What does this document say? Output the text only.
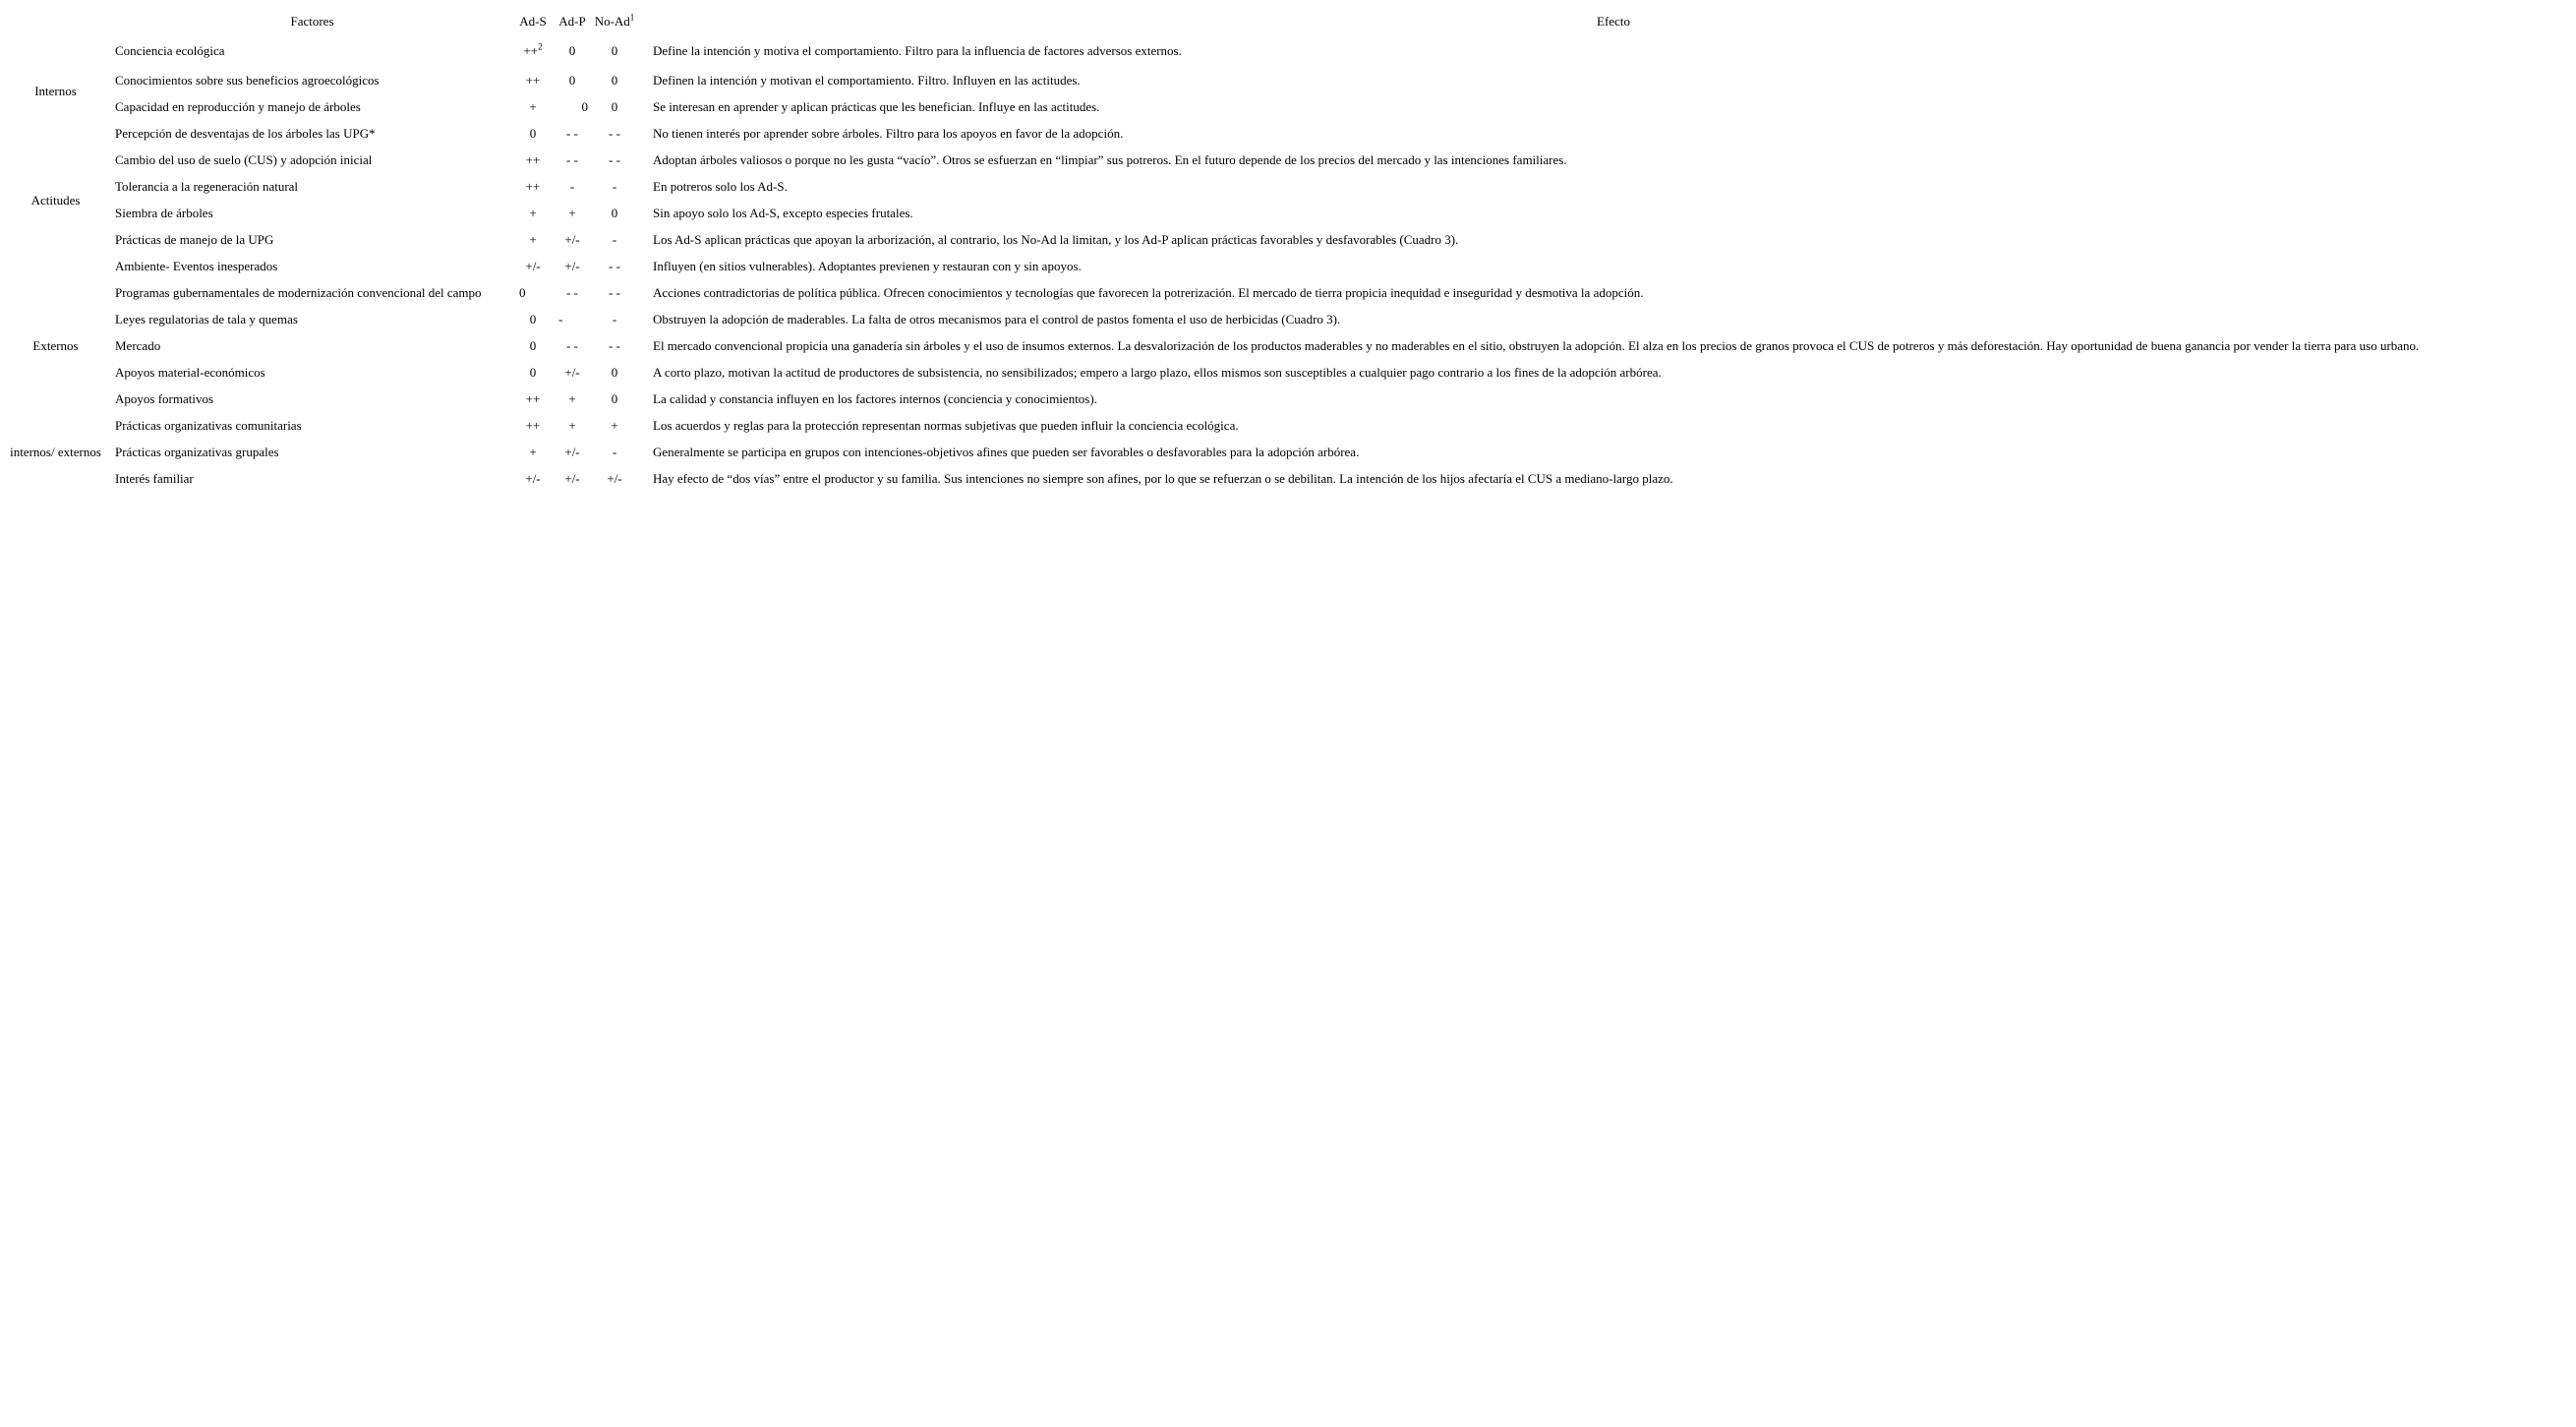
	Factores	Ad-S	Ad-P	No-Ad$^1$	Efecto
Internos	Conciencia ecológica	++$^2$	0	0	Define la intención y motiva el comportamiento. Filtro para la influencia de factores adversos externos.
	Conocimientos sobre sus beneficios agroecológicos	++	0	0	Definen la intención y motivan el comportamiento. Filtro. Influyen en las actitudes.
	Capacidad en reproducción y manejo de árboles	+	0	0	Se interesan en aprender y aplican prácticas que les benefician. Influye en las actitudes.
	Percepción de desventajas de los árboles las UPG*	0	- -	- -	No tienen interés por aprender sobre árboles. Filtro para los apoyos en favor de la adopción.
Actitudes	Cambio del uso de suelo (CUS) y adopción inicial	++	- -	- -	Adoptan árboles valiosos o porque no les gusta “vacío”. Otros se esfuerzan en “limpiar” sus potreros. En el futuro depende de los precios del mercado y las intenciones familiares.
	Tolerancia a la regeneración natural	++	-	-	En potreros solo los Ad-S.
	Siembra de árboles	+	+	0	Sin apoyo solo los Ad-S, excepto especies frutales.
	Prácticas de manejo de la UPG	+	+/-	-	Los Ad-S aplican prácticas que apoyan la arborización, al contrario, los No-Ad la limitan, y los Ad-P aplican prácticas favorables y desfavorables (Cuadro 3).
Externos	Ambiente- Eventos inesperados	+/-	+/-	- -	Influyen (en sitios vulnerables). Adoptantes previenen y restauran con y sin apoyos.
	Programas gubernamentales de modernización convencional del campo	0	- -	- -	Acciones contradictorias de política pública. Ofrecen conocimientos y tecnologías que favorecen la potrerización. El mercado de tierra propicia inequidad e inseguridad y desmotiva la adopción.
	Leyes regulatorias de tala y quemas	0	-	-	Obstruyen la adopción de maderables. La falta de otros mecanismos para el control de pastos fomenta el uso de herbicidas (Cuadro 3).
	Mercado	0	- -	- -	El mercado convencional propicia una ganadería sin árboles y el uso de insumos externos. La desvalorización de los productos maderables y no maderables en el sitio, obstruyen la adopción. El alza en los precios de granos provoca el CUS de potreros y más deforestación. Hay oportunidad de buena ganancia por vender la tierra para uso urbano.
	Apoyos material-económicos	0	+/-	0	A corto plazo, motivan la actitud de productores de subsistencia, no sensibilizados; empero a largo plazo, ellos mismos son susceptibles a cualquier pago contrario a los fines de la adopción arbórea.
	Apoyos formativos	++	+	0	La calidad y constancia influyen en los factores internos (conciencia y conocimientos).
	Prácticas organizativas comunitarias	++	+	+	Los acuerdos y reglas para la protección representan normas subjetivas que pueden influir la conciencia ecológica.
internos/ externos	Prácticas organizativas grupales	+	+/-	-	Generalmente se participa en grupos con intenciones-objetivos afines que pueden ser favorables o desfavorables para la adopción arbórea.
	Interés familiar	+/-	+/-	+/-	Hay efecto de “dos vías” entre el productor y su familia. Sus intenciones no siempre son afines, por lo que se refuerzan o se debilitan. La intención de los hijos afectaría el CUS a mediano-largo plazo.
